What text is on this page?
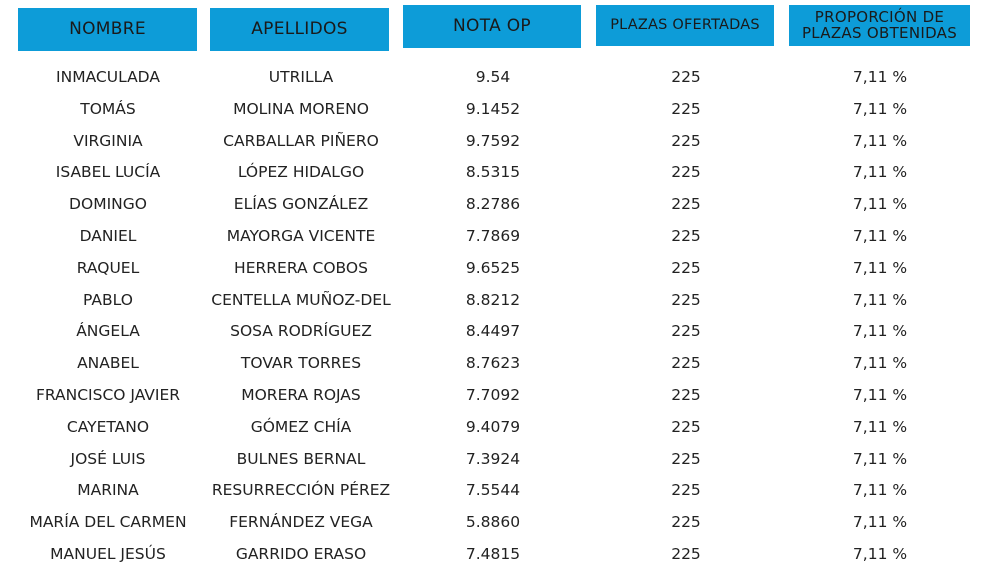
NOMBRE	APELLIDOS	NOTA OP	PLAZAS OFERTADAS	PROPORCIÓN DE
PLAZAS OBTENIDAS
INMACULADA	UTRILLA	9.54	225	7,11 %
TOMÁS	MOLINA MORENO	9.1452	225	7,11 %
VIRGINIA	CARBALLAR PIÑERO	9.7592	225	7,11 %
ISABEL LUCÍA	LÓPEZ HIDALGO	8.5315	225	7,11 %
DOMINGO	ELÍAS GONZÁLEZ	8.2786	225	7,11 %
DANIEL	MAYORGA VICENTE	7.7869	225	7,11 %
RAQUEL	HERRERA COBOS	9.6525	225	7,11 %
PABLO	CENTELLA MUÑOZ-DEL	8.8212	225	7,11 %
ÁNGELA	SOSA RODRÍGUEZ	8.4497	225	7,11 %
ANABEL	TOVAR TORRES	8.7623	225	7,11 %
FRANCISCO JAVIER	MORERA ROJAS	7.7092	225	7,11 %
CAYETANO	GÓMEZ CHÍA	9.4079	225	7,11 %
JOSÉ LUIS	BULNES BERNAL	7.3924	225	7,11 %
MARINA	RESURRECCIÓN PÉREZ	7.5544	225	7,11 %
MARÍA DEL CARMEN	FERNÁNDEZ VEGA	5.8860	225	7,11 %
MANUEL JESÚS	GARRIDO ERASO	7.4815	225	7,11 %
